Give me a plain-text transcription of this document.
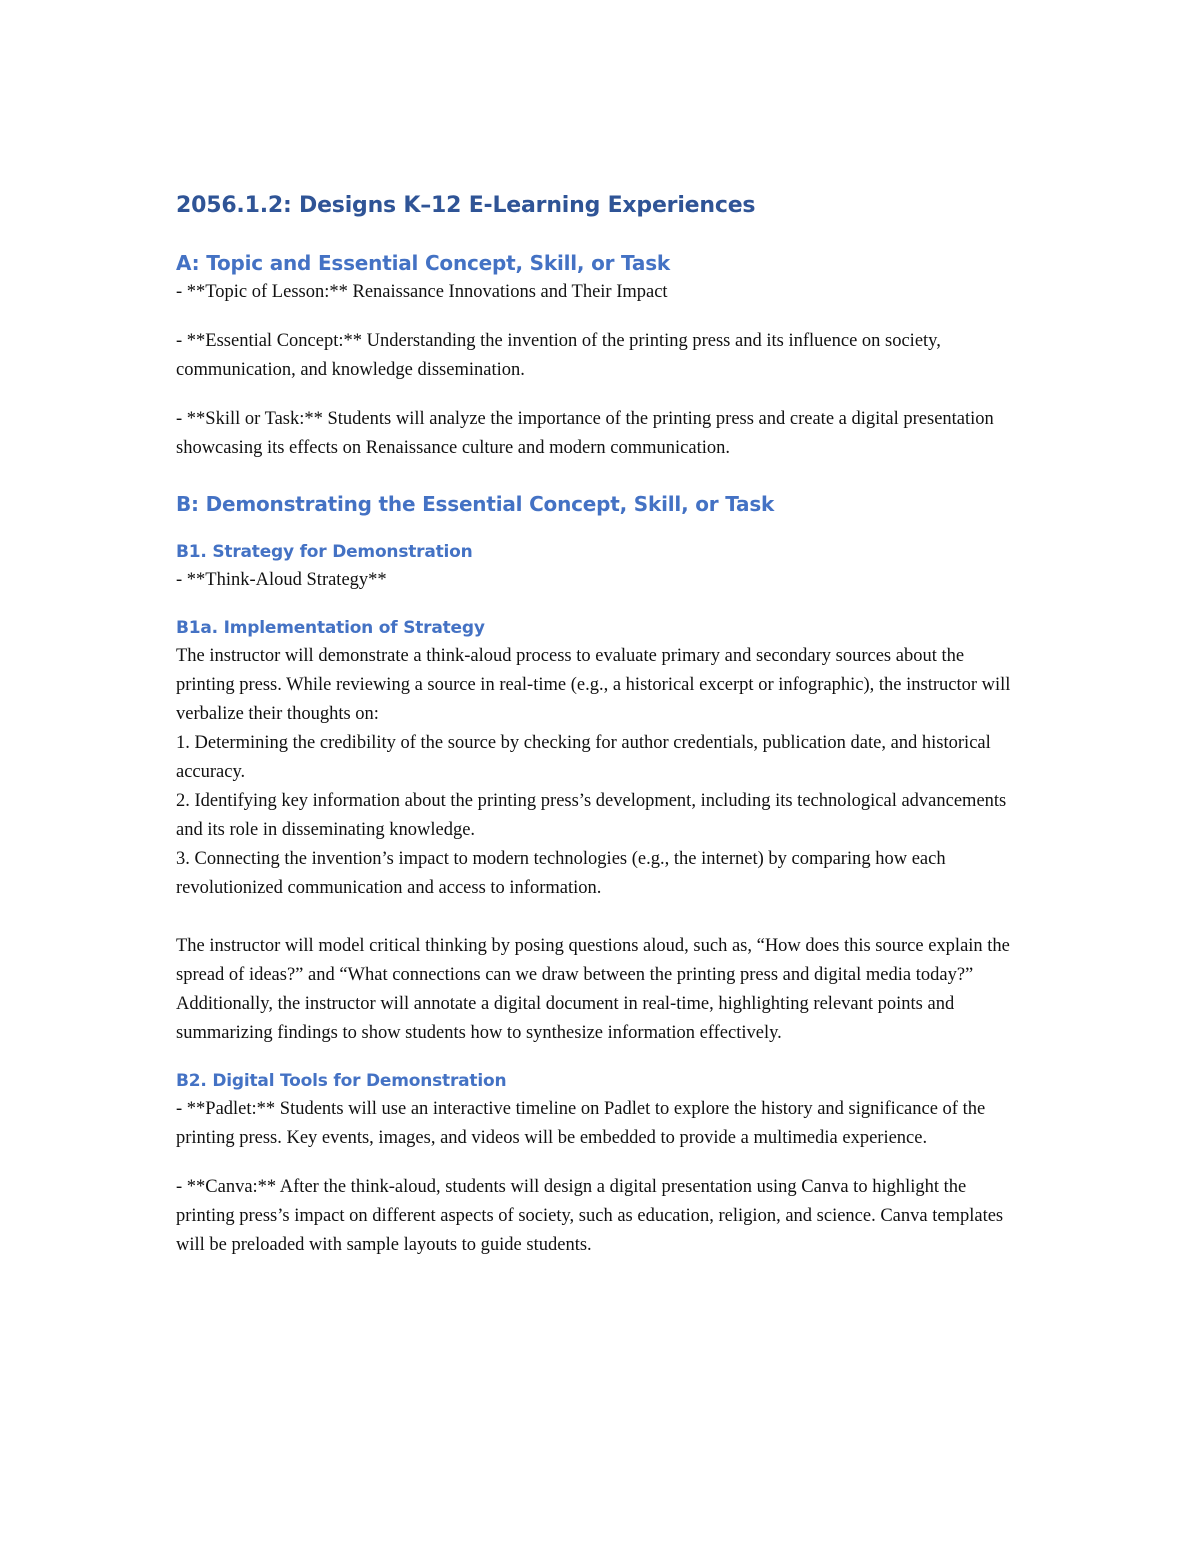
2056.1.2: Designs K–12 E-Learning Experiences
A: Topic and Essential Concept, Skill, or Task

- **Topic of Lesson:** Renaissance Innovations and Their Impact

- **Essential Concept:** Understanding the invention of the printing press and its influence on society, communication, and knowledge dissemination.

- **Skill or Task:** Students will analyze the importance of the printing press and create a digital presentation showcasing its effects on Renaissance culture and modern communication.

B: Demonstrating the Essential Concept, Skill, or Task
B1. Strategy for Demonstration

- **Think-Aloud Strategy**

B1a. Implementation of Strategy

The instructor will demonstrate a think-aloud process to evaluate primary and secondary sources about the printing press. While reviewing a source in real-time (e.g., a historical excerpt or infographic), the instructor will verbalize their thoughts on:

1. Determining the credibility of the source by checking for author credentials, publication date, and historical accuracy.

2. Identifying key information about the printing press’s development, including its technological advancements and its role in disseminating knowledge.

3. Connecting the invention’s impact to modern technologies (e.g., the internet) by comparing how each revolutionized communication and access to information.

The instructor will model critical thinking by posing questions aloud, such as, “How does this source explain the spread of ideas?” and “What connections can we draw between the printing press and digital media today?” Additionally, the instructor will annotate a digital document in real-time, highlighting relevant points and summarizing findings to show students how to synthesize information effectively.

B2. Digital Tools for Demonstration

- **Padlet:** Students will use an interactive timeline on Padlet to explore the history and significance of the printing press. Key events, images, and videos will be embedded to provide a multimedia experience.

- **Canva:** After the think-aloud, students will design a digital presentation using Canva to highlight the printing press’s impact on different aspects of society, such as education, religion, and science. Canva templates will be preloaded with sample layouts to guide students.
